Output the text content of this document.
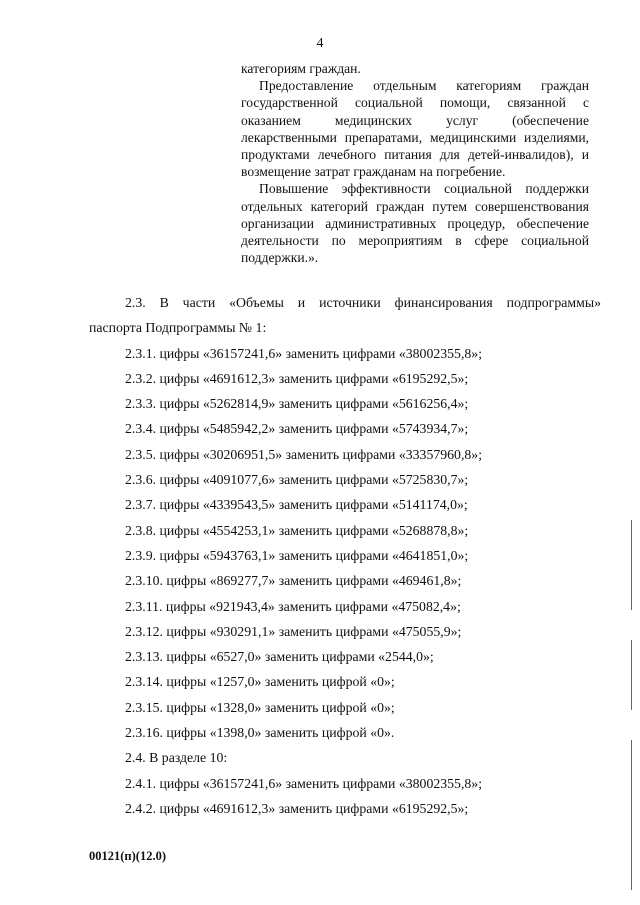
4

категориям граждан.

Предоставление отдельным категориям граждан государственной социальной помощи, связанной с оказанием медицинских услуг (обеспечение лекарственными препаратами, медицинскими изделиями, продуктами лечебного питания для детей-инвалидов), и возмещение затрат гражданам на погребение.

Повышение эффективности социальной поддержки отдельных категорий граждан путем совершенствования организации административных процедур, обеспечение деятельности по мероприятиям в сфере социальной поддержки.».

2.3. В части «Объемы и источники финансирования подпрограммы»
паспорта Подпрограммы № 1:
2.3.1. цифры «36157241,6» заменить цифрами «38002355,8»;
2.3.2. цифры «4691612,3» заменить цифрами «6195292,5»;
2.3.3. цифры «5262814,9» заменить цифрами «5616256,4»;
2.3.4. цифры «5485942,2» заменить цифрами «5743934,7»;
2.3.5. цифры «30206951,5» заменить цифрами «33357960,8»;
2.3.6. цифры «4091077,6» заменить цифрами «5725830,7»;
2.3.7. цифры «4339543,5» заменить цифрами «5141174,0»;
2.3.8. цифры «4554253,1» заменить цифрами «5268878,8»;
2.3.9. цифры «5943763,1» заменить цифрами «4641851,0»;
2.3.10. цифры «869277,7» заменить цифрами «469461,8»;
2.3.11. цифры «921943,4» заменить цифрами «475082,4»;
2.3.12. цифры «930291,1» заменить цифрами «475055,9»;
2.3.13. цифры «6527,0» заменить цифрами «2544,0»;
2.3.14. цифры «1257,0» заменить цифрой «0»;
2.3.15. цифры «1328,0» заменить цифрой «0»;
2.3.16. цифры «1398,0» заменить цифрой «0».
2.4. В разделе 10:
2.4.1. цифры «36157241,6» заменить цифрами «38002355,8»;
2.4.2. цифры «4691612,3» заменить цифрами «6195292,5»;
00121(п)(12.0)
